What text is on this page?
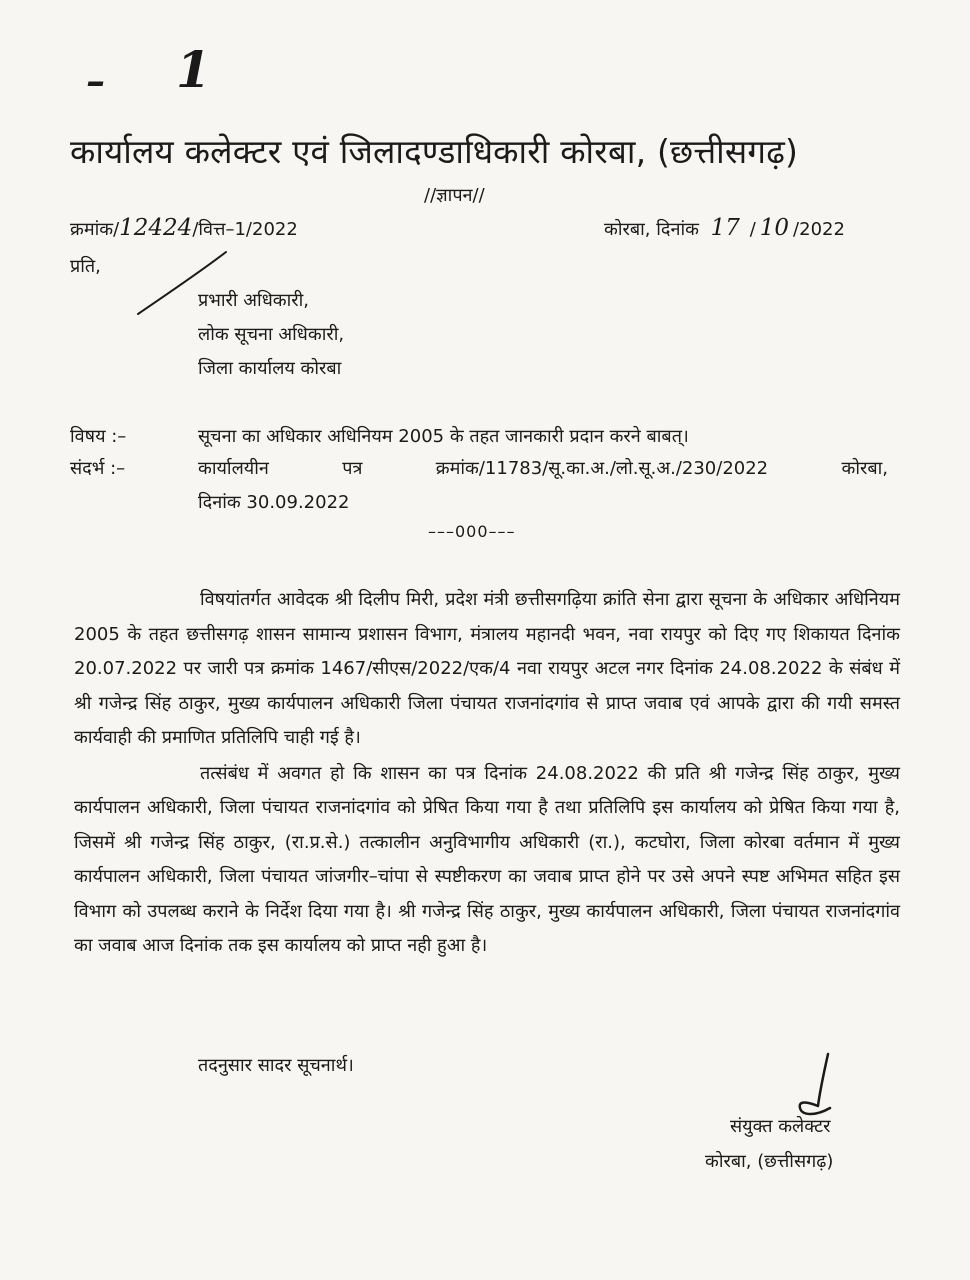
– 1
कार्यालय कलेक्टर एवं जिलादण्डाधिकारी कोरबा, (छत्तीसगढ़)
//ज्ञापन//
क्रमांक/12424/वित्त–1/2022	कोरबा, दिनांक 17 / 10 /2022
प्रति,
प्रभारी अधिकारी,
लोक सूचना अधिकारी,
जिला कार्यालय कोरबा
विषय :–	सूचना का अधिकार अधिनियम 2005 के तहत जानकारी प्रदान करने बाबत्।
संदर्भ :–	कार्यालयीन पत्र क्रमांक/11783/सू.का.अ./लो.सू.अ./230/2022 कोरबा,
दिनांक 30.09.2022
–––000–––

विषयांतर्गत आवेदक श्री दिलीप मिरी, प्रदेश मंत्री छत्तीसगढ़िया क्रांति सेना द्वारा सूचना के अधिकार अधिनियम 2005 के तहत छत्तीसगढ़ शासन सामान्य प्रशासन विभाग, मंत्रालय महानदी भवन, नवा रायपुर को दिए गए शिकायत दिनांक 20.07.2022 पर जारी पत्र क्रमांक 1467/सीएस/2022/एक/4 नवा रायपुर अटल नगर दिनांक 24.08.2022 के संबंध में श्री गजेन्द्र सिंह ठाकुर, मुख्य कार्यपालन अधिकारी जिला पंचायत राजनांदगांव से प्राप्त जवाब एवं आपके द्वारा की गयी समस्त कार्यवाही की प्रमाणित प्रतिलिपि चाही गई है।

तत्संबंध में अवगत हो कि शासन का पत्र दिनांक 24.08.2022 की प्रति श्री गजेन्द्र सिंह ठाकुर, मुख्य कार्यपालन अधिकारी, जिला पंचायत राजनांदगांव को प्रेषित किया गया है तथा प्रतिलिपि इस कार्यालय को प्रेषित किया गया है, जिसमें श्री गजेन्द्र सिंह ठाकुर, (रा.प्र.से.) तत्कालीन अनुविभागीय अधिकारी (रा.), कटघोरा, जिला कोरबा वर्तमान में मुख्य कार्यपालन अधिकारी, जिला पंचायत जांजगीर–चांपा से स्पष्टीकरण का जवाब प्राप्त होने पर उसे अपने स्पष्ट अभिमत सहित इस विभाग को उपलब्ध कराने के निर्देश दिया गया है। श्री गजेन्द्र सिंह ठाकुर, मुख्य कार्यपालन अधिकारी, जिला पंचायत राजनांदगांव का जवाब आज दिनांक तक इस कार्यालय को प्राप्त नही हुआ है।

तदनुसार सादर सूचनार्थ।
संयुक्त कलेक्टर
कोरबा, (छत्तीसगढ़)
